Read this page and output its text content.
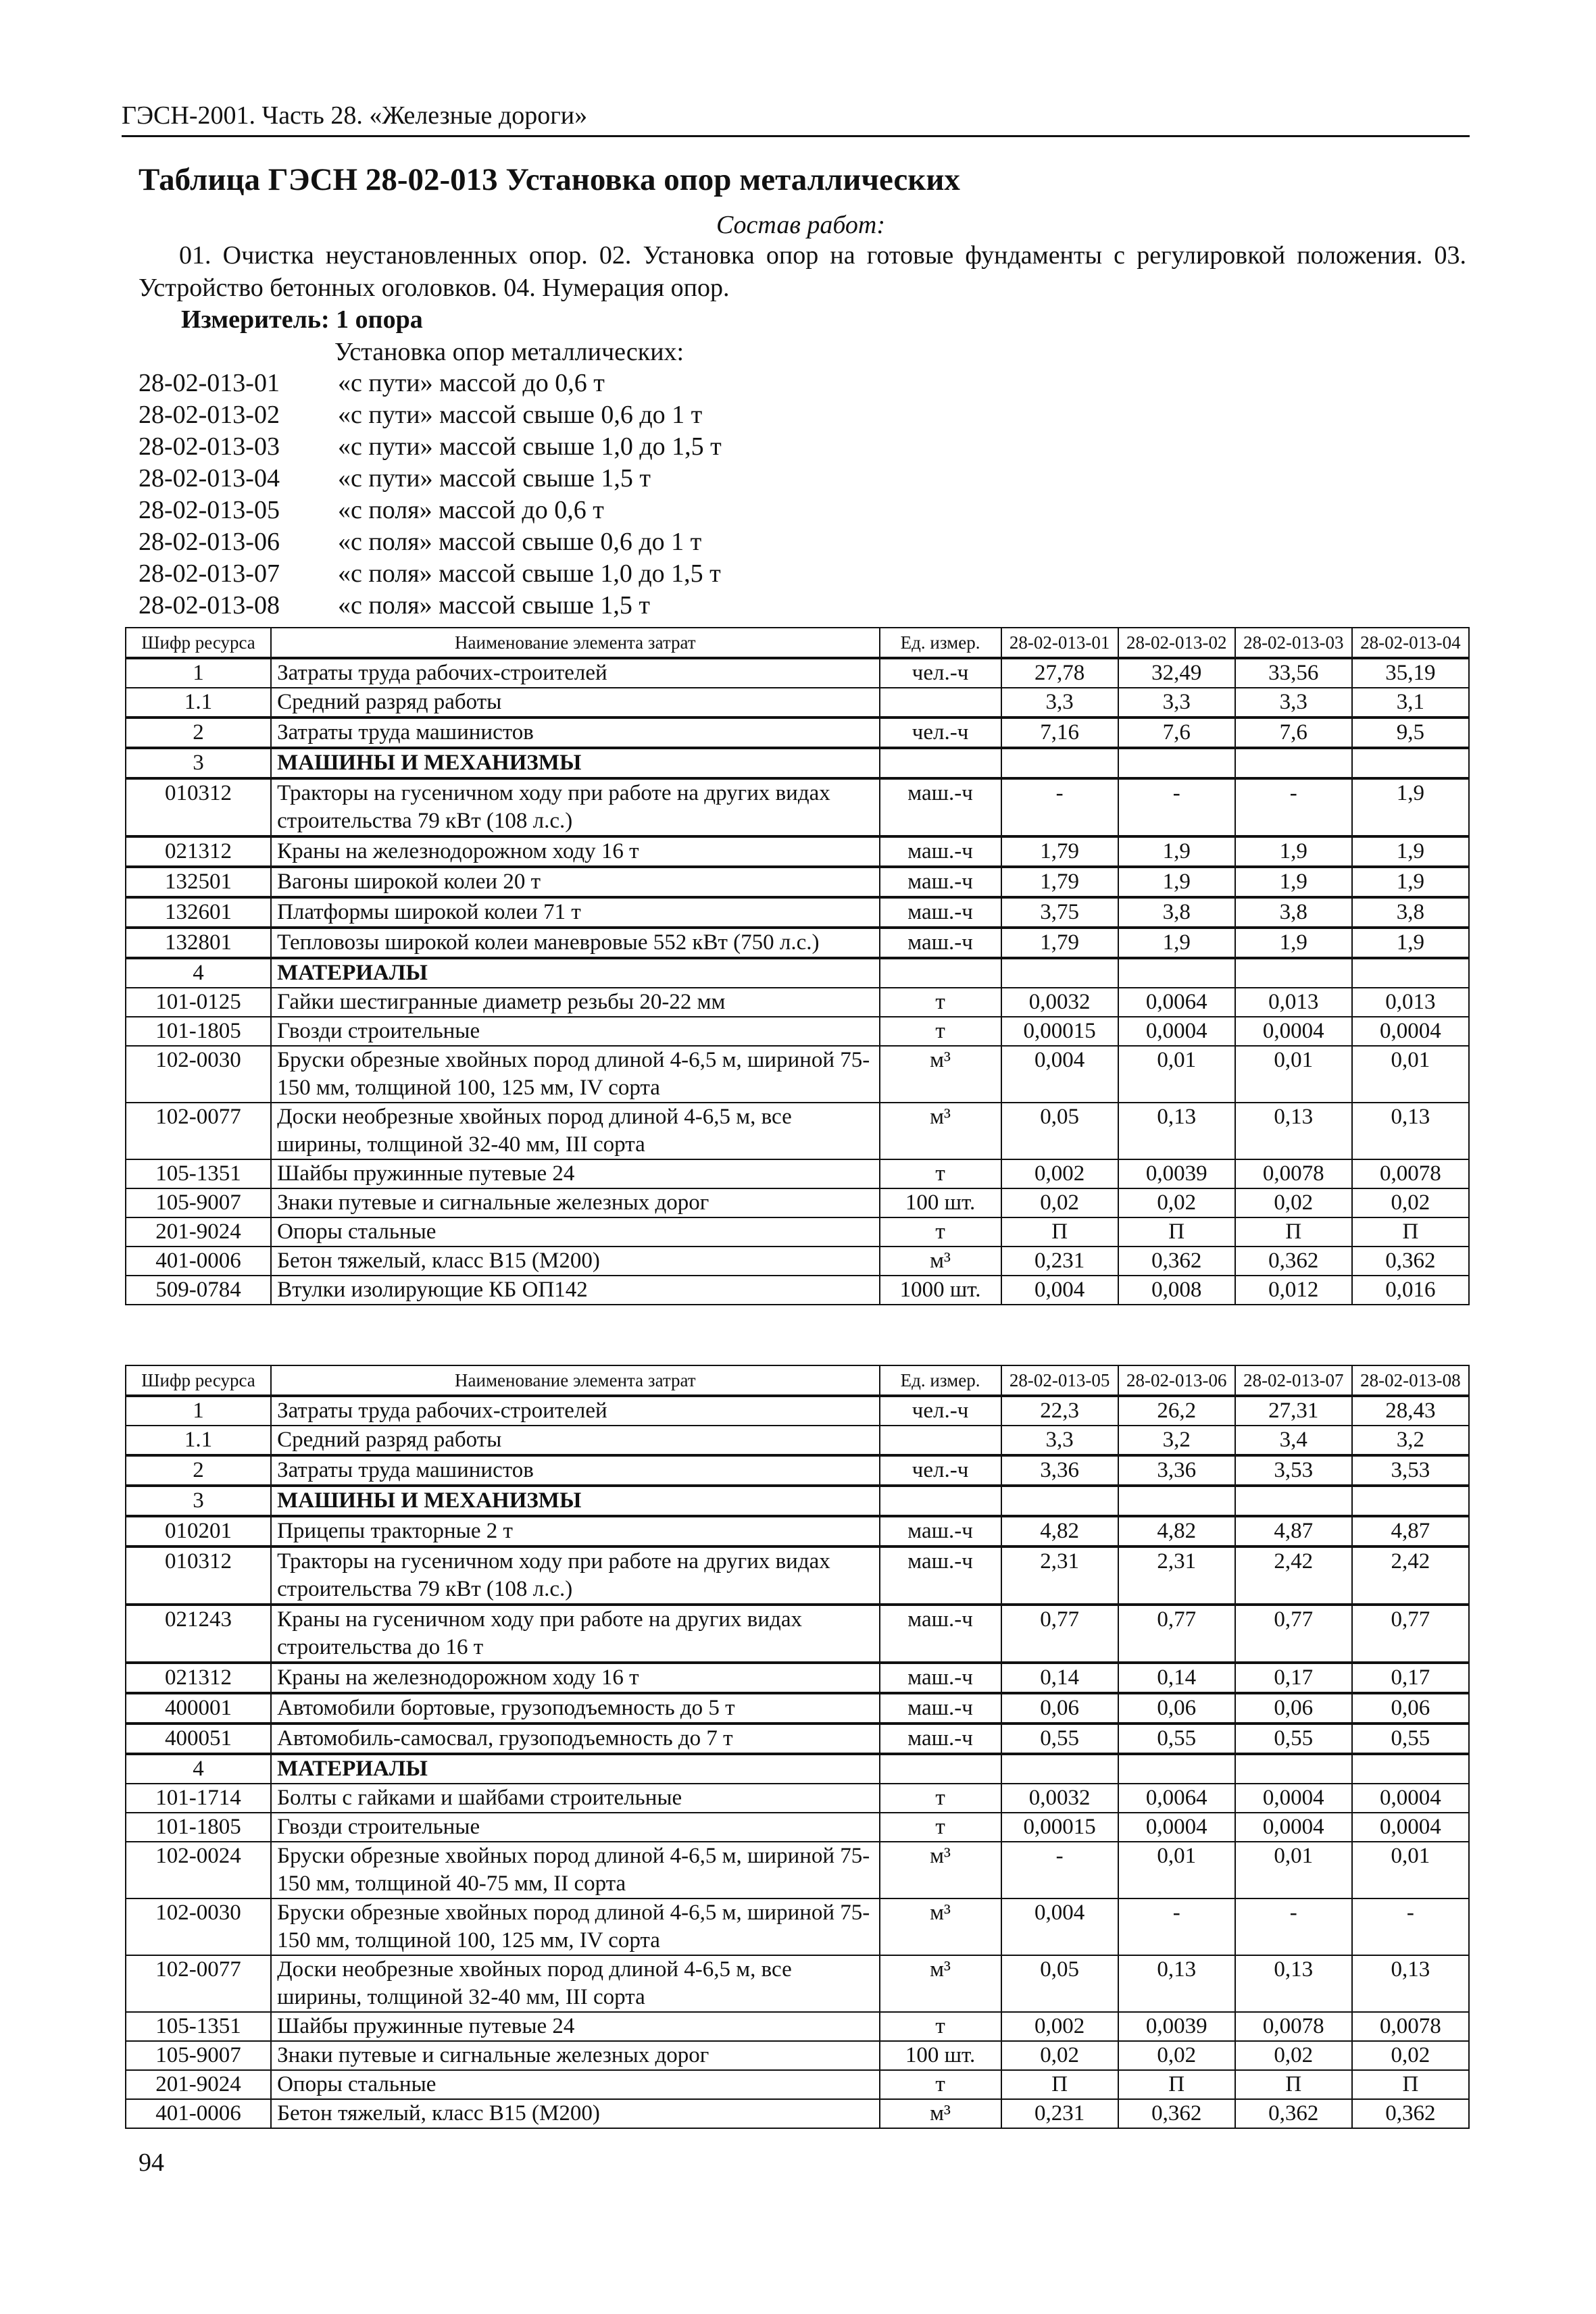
ГЭСН-2001. Часть 28. «Железные дороги»
Таблица ГЭСН 28-02-013 Установка опор металлических
Состав работ:
01. Очистка неустановленных опор. 02. Установка опор на готовые фундаменты с регулировкой положения. 03. Устройство бетонных оголовков. 04. Нумерация опор.
Измеритель: 1 опора
Установка опор металлических:
28-02-013-01	«с пути» массой до 0,6 т
28-02-013-02	«с пути» массой свыше 0,6 до 1 т
28-02-013-03	«с пути» массой свыше 1,0 до 1,5 т
28-02-013-04	«с пути» массой свыше 1,5 т
28-02-013-05	«с поля» массой до 0,6 т
28-02-013-06	«с поля» массой свыше 0,6 до 1 т
28-02-013-07	«с поля» массой свыше 1,0 до 1,5 т
28-02-013-08	«с поля» массой свыше 1,5 т
Шифр ресурса	Наименование элемента затрат	Ед. измер.	28-02-013-01	28-02-013-02	28-02-013-03	28-02-013-04
1	Затраты труда рабочих-строителей	чел.-ч	27,78	32,49	33,56	35,19
1.1	Средний разряд работы		3,3	3,3	3,3	3,1
2	Затраты труда машинистов	чел.-ч	7,16	7,6	7,6	9,5
3	МАШИНЫ И МЕХАНИЗМЫ					
010312	Тракторы на гусеничном ходу при работе на других видах строительства 79 кВт (108 л.с.)	маш.-ч	-	-	-	1,9
021312	Краны на железнодорожном ходу 16 т	маш.-ч	1,79	1,9	1,9	1,9
132501	Вагоны широкой колеи 20 т	маш.-ч	1,79	1,9	1,9	1,9
132601	Платформы широкой колеи 71 т	маш.-ч	3,75	3,8	3,8	3,8
132801	Тепловозы широкой колеи маневровые 552 кВт (750 л.с.)	маш.-ч	1,79	1,9	1,9	1,9
4	МАТЕРИАЛЫ					
101-0125	Гайки шестигранные диаметр резьбы 20-22 мм	т	0,0032	0,0064	0,013	0,013
101-1805	Гвозди строительные	т	0,00015	0,0004	0,0004	0,0004
102-0030	Бруски обрезные хвойных пород длиной 4-6,5 м, шириной 75-150 мм, толщиной 100, 125 мм, IV сорта	м³	0,004	0,01	0,01	0,01
102-0077	Доски необрезные хвойных пород длиной 4-6,5 м, все ширины, толщиной 32-40 мм, III сорта	м³	0,05	0,13	0,13	0,13
105-1351	Шайбы пружинные путевые 24	т	0,002	0,0039	0,0078	0,0078
105-9007	Знаки путевые и сигнальные железных дорог	100 шт.	0,02	0,02	0,02	0,02
201-9024	Опоры стальные	т	П	П	П	П
401-0006	Бетон тяжелый, класс В15 (М200)	м³	0,231	0,362	0,362	0,362
509-0784	Втулки изолирующие КБ ОП142	1000 шт.	0,004	0,008	0,012	0,016
Шифр ресурса	Наименование элемента затрат	Ед. измер.	28-02-013-05	28-02-013-06	28-02-013-07	28-02-013-08
1	Затраты труда рабочих-строителей	чел.-ч	22,3	26,2	27,31	28,43
1.1	Средний разряд работы		3,3	3,2	3,4	3,2
2	Затраты труда машинистов	чел.-ч	3,36	3,36	3,53	3,53
3	МАШИНЫ И МЕХАНИЗМЫ					
010201	Прицепы тракторные 2 т	маш.-ч	4,82	4,82	4,87	4,87
010312	Тракторы на гусеничном ходу при работе на других видах строительства 79 кВт (108 л.с.)	маш.-ч	2,31	2,31	2,42	2,42
021243	Краны на гусеничном ходу при работе на других видах строительства до 16 т	маш.-ч	0,77	0,77	0,77	0,77
021312	Краны на железнодорожном ходу 16 т	маш.-ч	0,14	0,14	0,17	0,17
400001	Автомобили бортовые, грузоподъемность до 5 т	маш.-ч	0,06	0,06	0,06	0,06
400051	Автомобиль-самосвал, грузоподъемность до 7 т	маш.-ч	0,55	0,55	0,55	0,55
4	МАТЕРИАЛЫ					
101-1714	Болты с гайками и шайбами строительные	т	0,0032	0,0064	0,0004	0,0004
101-1805	Гвозди строительные	т	0,00015	0,0004	0,0004	0,0004
102-0024	Бруски обрезные хвойных пород длиной 4-6,5 м, шириной 75-150 мм, толщиной 40-75 мм, II сорта	м³	-	0,01	0,01	0,01
102-0030	Бруски обрезные хвойных пород длиной 4-6,5 м, шириной 75-150 мм, толщиной 100, 125 мм, IV сорта	м³	0,004	-	-	-
102-0077	Доски необрезные хвойных пород длиной 4-6,5 м, все ширины, толщиной 32-40 мм, III сорта	м³	0,05	0,13	0,13	0,13
105-1351	Шайбы пружинные путевые 24	т	0,002	0,0039	0,0078	0,0078
105-9007	Знаки путевые и сигнальные железных дорог	100 шт.	0,02	0,02	0,02	0,02
201-9024	Опоры стальные	т	П	П	П	П
401-0006	Бетон тяжелый, класс В15 (М200)	м³	0,231	0,362	0,362	0,362
94
